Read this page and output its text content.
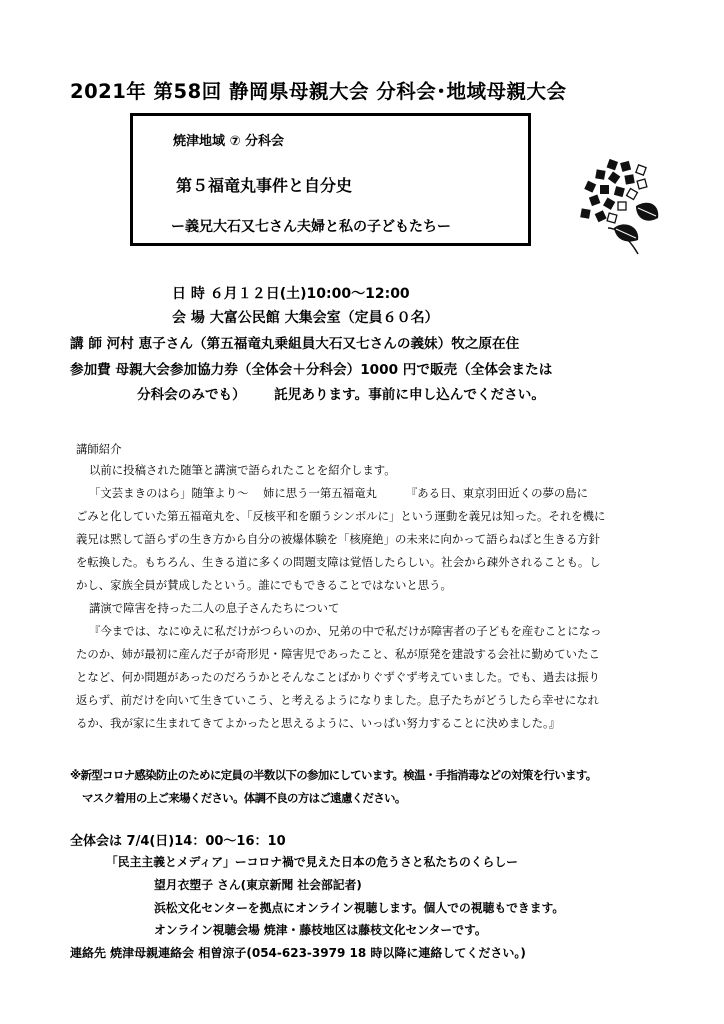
2021年 第58回 静岡県母親大会 分科会･地域母親大会
焼津地域 ⑦ 分科会
第５福竜丸事件と自分史
ー義兄大石又七さん夫婦と私の子どもたちー
日 時 ６月１２日(土)10:00～12:00
会 場 大富公民館 大集会室（定員６０名）
講 師 河村 恵子さん（第五福竜丸乗組員大石又七さんの義妹）牧之原在住
参加費 母親大会参加協力券（全体会＋分科会）1000 円で販売（全体会または
分科会のみでも）      託児あります。事前に申し込んでください。
講師紹介
以前に投稿された随筆と講演で語られたことを紹介します。
「文芸まきのはら」随筆より～    姉に思う一第五福竜丸        『ある日、東京羽田近くの夢の島に
ごみと化していた第五福竜丸を、「反核平和を願うシンボルに」という運動を義兄は知った。それを機に
義兄は黙して語らずの生き方から自分の被爆体験を「核廃絶」の未来に向かって語らねばと生きる方針
を転換した。もちろん、生きる道に多くの問題支障は覚悟したらしい。社会から疎外されることも。し
かし、家族全員が賛成したという。誰にでもできることではないと思う。
講演で障害を持った二人の息子さんたちについて
『今までは、なにゆえに私だけがつらいのか、兄弟の中で私だけが障害者の子どもを産むことになっ
たのか、姉が最初に産んだ子が奇形児・障害児であったこと、私が原発を建設する会社に勤めていたこ
となど、何か問題があったのだろうかとそんなことばかりぐずぐず考えていました。でも、過去は振り
返らず、前だけを向いて生きていこう、と考えるようになりました。息子たちがどうしたら幸せになれ
るか、我が家に生まれてきてよかったと思えるように、いっぱい努力することに決めました。』
※新型コロナ感染防止のために定員の半数以下の参加にしています。検温・手指消毒などの対策を行います。
マスク着用の上ご来場ください。体調不良の方はご遠慮ください。
全体会は 7/4(日)14：00～16：10
「民主主義とメディア」ーコロナ禍で見えた日本の危うさと私たちのくらしー
望月衣塑子 さん(東京新聞 社会部記者)
浜松文化センターを拠点にオンライン視聴します。個人での視聴もできます。
オンライン視聴会場 焼津・藤枝地区は藤枝文化センターです。
連絡先 焼津母親連絡会 相曽涼子(054-623-3979 18 時以降に連絡してください。)
